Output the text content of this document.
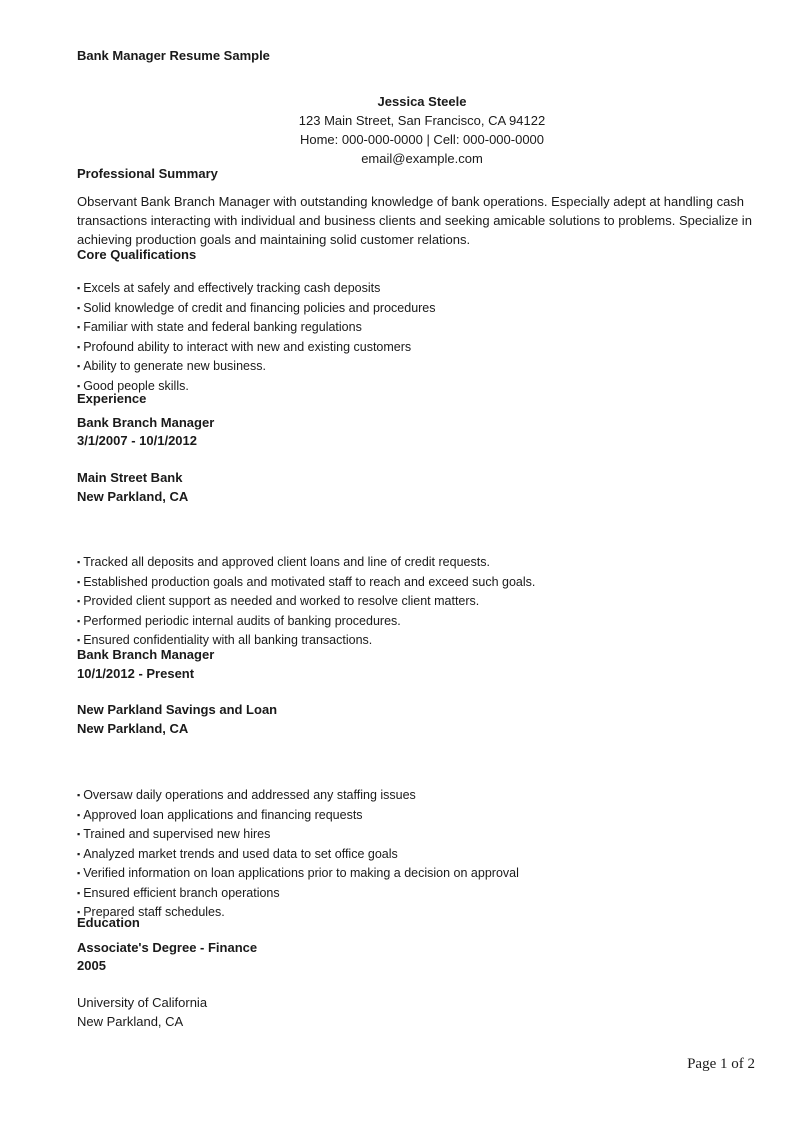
Bank Manager Resume Sample
Jessica Steele
123 Main Street, San Francisco, CA 94122
Home: 000-000-0000 | Cell: 000-000-0000
email@example.com
Professional Summary
Observant Bank Branch Manager with outstanding knowledge of bank operations. Especially adept at handling cash
transactions interacting with individual and business clients and seeking amicable solutions to problems. Specialize in
achieving production goals and maintaining solid customer relations.
Core Qualifications
▪ Excels at safely and effectively tracking cash deposits
▪ Solid knowledge of credit and financing policies and procedures
▪ Familiar with state and federal banking regulations
▪ Profound ability to interact with new and existing customers
▪ Ability to generate new business.
▪ Good people skills.
Experience
Bank Branch Manager
3/1/2007 - 10/1/2012
Main Street Bank
New Parkland, CA
▪ Tracked all deposits and approved client loans and line of credit requests.
▪ Established production goals and motivated staff to reach and exceed such goals.
▪ Provided client support as needed and worked to resolve client matters.
▪ Performed periodic internal audits of banking procedures.
▪ Ensured confidentiality with all banking transactions.
Bank Branch Manager
10/1/2012 - Present
New Parkland Savings and Loan
New Parkland, CA
▪ Oversaw daily operations and addressed any staffing issues
▪ Approved loan applications and financing requests
▪ Trained and supervised new hires
▪ Analyzed market trends and used data to set office goals
▪ Verified information on loan applications prior to making a decision on approval
▪ Ensured efficient branch operations
▪ Prepared staff schedules.
Education
Associate's Degree - Finance
2005
University of California
New Parkland, CA
Page 1 of 2
